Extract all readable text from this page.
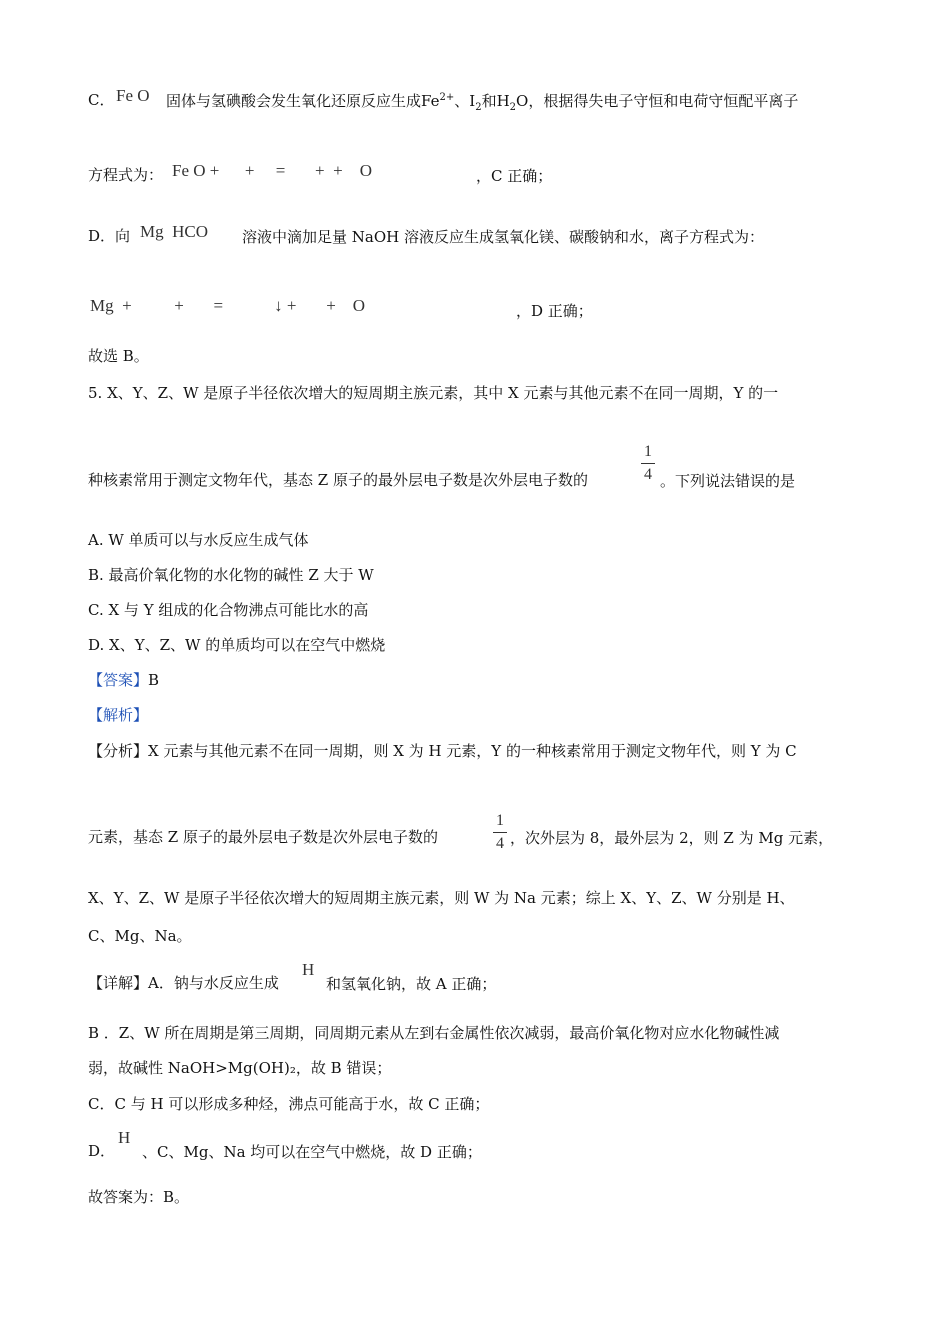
C． Fe O 固体与氢碘酸会发生氧化还原反应生成$Fe^{2+}$、$I_2$和$H_2O$，根据得失电子守恒和电荷守恒配平离子
方程式为： Fe O +      +     =       +  +    O	，C 正确；
D．向 Mg  HCO 溶液中滴加足量 NaOH 溶液反应生成氢氧化镁、碳酸钠和水，离子方程式为：
Mg  +          +       =            ↓ +       +    O	，D 正确；
故选 B。
5. X、Y、Z、W 是原子半径依次增大的短周期主族元素，其中 X 元素与其他元素不在同一周期，Y 的一
种核素常用于测定文物年代，基态 Z 原子的最外层电子数是次外层电子数的
1
4 。下列说法错误的是
A. W 单质可以与水反应生成气体
B. 最高价氧化物的水化物的碱性 Z 大于 W
C. X 与 Y 组成的化合物沸点可能比水的高
D. X、Y、Z、W 的单质均可以在空气中燃烧
【答案】B
【解析】
【分析】X 元素与其他元素不在同一周期，则 X 为 H 元素，Y 的一种核素常用于测定文物年代，则 Y 为 C
元素，基态 Z 原子的最外层电子数是次外层电子数的
1
4 ，次外层为 8，最外层为 2，则 Z 为 Mg 元素，
X、Y、Z、W 是原子半径依次增大的短周期主族元素，则 W 为 Na 元素；综上 X、Y、Z、W 分别是 H、
C、Mg、Na。
【详解】A．钠与水反应生成
H
和氢氧化钠，故 A 正确；
B ．Z、W 所在周期是第三周期，同周期元素从左到右金属性依次减弱，最高价氧化物对应水化物碱性减
弱，故碱性 NaOH>Mg(OH)₂，故 B 错误；
C．C 与 H 可以形成多种烃，沸点可能高于水，故 C 正确；
D．
H
、C、Mg、Na 均可以在空气中燃烧，故 D 正确；
故答案为：B。
